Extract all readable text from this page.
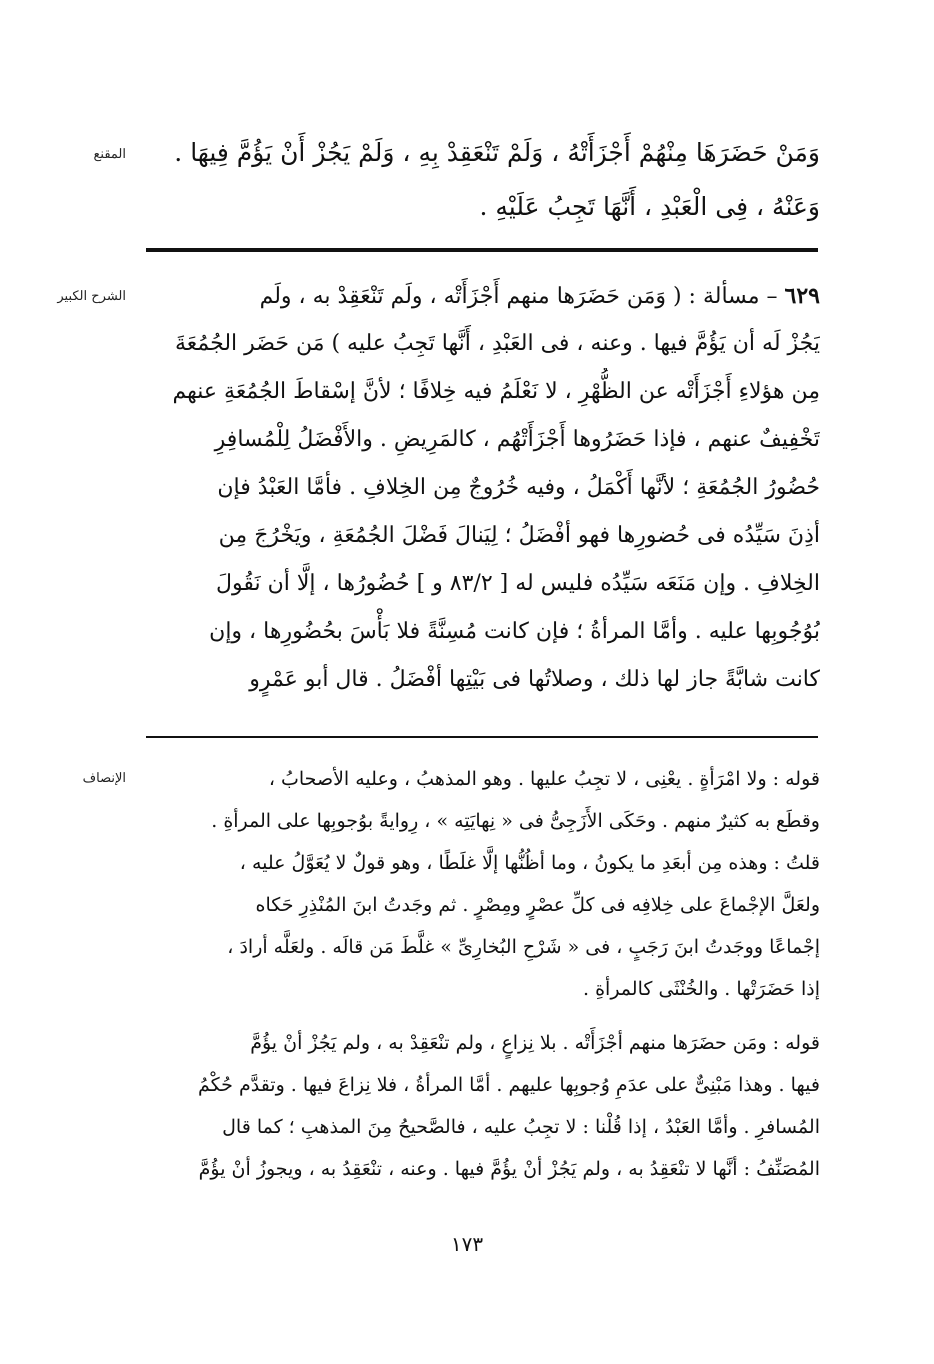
المقنع	وَمَنْ حَضَرَهَا مِنْهُمْ أَجْزَأَتْهُ ، وَلَمْ تَنْعَقِدْ بِهِ ، وَلَمْ يَجُزْ أَنْ يَؤُمَّ فِيهَا .
وَعَنْهُ ، فِى الْعَبْدِ ، أَنَّهَا تَجِبُ عَلَيْهِ .
الشرح الكبير	٦٢٩ – مسألة : ( وَمَن حَضَرَها منهم أَجْزَأَتْه ، ولَم تَنْعَقِدْ به ، ولَم
يَجُزْ لَه أن يَؤُمَّ فيها . وعنه ، فى العَبْدِ ، أَنَّها تَجِبُ عليه ) مَن حَضَر الجُمُعَةَ
مِن هؤلاءِ أَجْزَأَتْه عن الظُّهْرِ ، لا نَعْلَمُ فيه خِلافًا ؛ لأنَّ إسْقاطَ الجُمُعَةِ عنهم
تَخْفِيفٌ عنهم ، فإذا حَضَرُوها أَجْزَأَتْهُم ، كالمَرِيضِ . والأَفْضَلُ لِلْمُسافِرِ
حُضُورُ الجُمُعَةِ ؛ لأنَّها أَكْمَلُ ، وفيه خُرُوجٌ مِن الخِلافِ . فأمَّا العَبْدُ فإن
أذِنَ سَيِّدُه فى حُضورِها فهو أفْضَلُ ؛ لِيَنالَ فَضْلَ الجُمُعَةِ ، ويَخْرُجَ مِن
الخِلافِ . وإن مَنَعَه سَيِّدُه فليس له [ ٨٣/٢ و ] حُضُورُها ، إلَّا أن نَقُولَ
بُوُجُوبِها عليه . وأمَّا المرأةُ ؛ فإن كانت مُسِنَّةً فلا بَأْسَ بحُضُورِها ، وإن
كانت شابَّةً جاز لها ذلك ، وصلاتُها فى بَيْتِها أفْضَلُ . قال أبو عَمْرٍو
الإنصاف	قوله : ولا امْرَأةٍ . يعْنِى ، لا تجِبُ عليها . وهو المذهبُ ، وعليه الأصحابُ ،
وقطَع به كثيرٌ منهم . وحَكَى الأَزَجِىُّ فى « نِهايَتِه » ، رِوايةً بوُجوبِها على المرأةِ .
قلتُ : وهذه مِن أبعَدِ ما يكونُ ، وما أظُنُّها إلَّا غلَطًا ، وهو قولٌ لا يُعَوَّلُ عليه ،
ولعَلَّ الإجْماعَ على خِلافِه فى كلِّ عصْرٍ ومِصْرٍ . ثم وجَدتُ ابنَ المُنْذِرِ حَكاه
إجْماعًا ووجَدتُ ابنَ رَجَبٍ ، فى « شَرْحِ البُخارِىِّ » غلَّطَ مَن قالَه . ولعَلَّه أرادَ ،
إذا حَضَرَتْها . والخُنْثَى كالمرأةِ .
قوله : ومَن حضَرَها منهم أجْزَأَتْه . بلا نِزاعٍ ، ولم تنْعَقِدْ به ، ولم يَجُزْ أنْ يؤُمَّ
فيها . وهذا مَبْنِىٌّ على عدَمِ وُجوبِها عليهم . أمَّا المرأةُ ، فلا نِزاعَ فيها . وتقدَّم حُكْمُ
المُسافرِ . وأمَّا العَبْدُ ، إذا قُلْنا : لا تجِبُ عليه ، فالصَّحيحُ مِنَ المذهبِ ؛ كما قال
المُصَنِّفُ : أنَّها لا تنْعَقِدُ به ، ولم يَجُزْ أنْ يؤُمَّ فيها . وعنه ، تنْعَقِدُ به ، ويجوزُ أنْ يؤُمَّ
١٧٣
